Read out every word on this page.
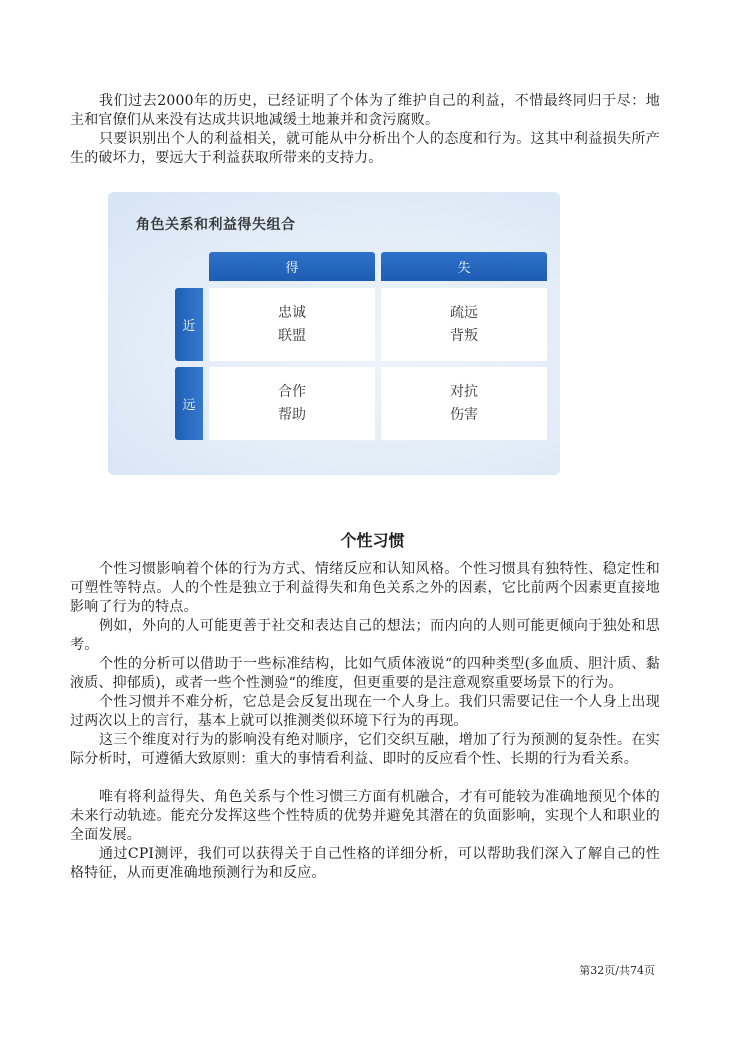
我们过去2000年的历史，已经证明了个体为了维护自己的利益，不惜最终同归于尽：地主和官僚们从来没有达成共识地减缓土地兼并和贪污腐败。

只要识别出个人的利益相关，就可能从中分析出个人的态度和行为。这其中利益损失所产生的破坏力，要远大于利益获取所带来的支持力。

角色关系和利益得失组合
得	失
近
远
忠诚
联盟
疏远
背叛
合作
帮助
对抗
伤害
个性习惯

个性习惯影响着个体的行为方式、情绪反应和认知风格。个性习惯具有独特性、稳定性和可塑性等特点。人的个性是独立于利益得失和角色关系之外的因素，它比前两个因素更直接地影响了行为的特点。

例如，外向的人可能更善于社交和表达自己的想法；而内向的人则可能更倾向于独处和思考。

个性的分析可以借助于一些标准结构，比如气质体液说“的四种类型(多血质、胆汁质、黏液质、抑郁质)，或者一些个性测验“的维度，但更重要的是注意观察重要场景下的行为。

个性习惯并不难分析，它总是会反复出现在一个人身上。我们只需要记住一个人身上出现过两次以上的言行，基本上就可以推测类似环境下行为的再现。

这三个维度对行为的影响没有绝对顺序，它们交织互融，增加了行为预测的复杂性。在实际分析时，可遵循大致原则：重大的事情看利益、即时的反应看个性、长期的行为看关系。

唯有将利益得失、角色关系与个性习惯三方面有机融合，才有可能较为准确地预见个体的未来行动轨迹。能充分发挥这些个性特质的优势并避免其潜在的负面影响，实现个人和职业的全面发展。

通过CPI测评，我们可以获得关于自己性格的详细分析，可以帮助我们深入了解自己的性格特征，从而更准确地预测行为和反应。

第32页/共74页
